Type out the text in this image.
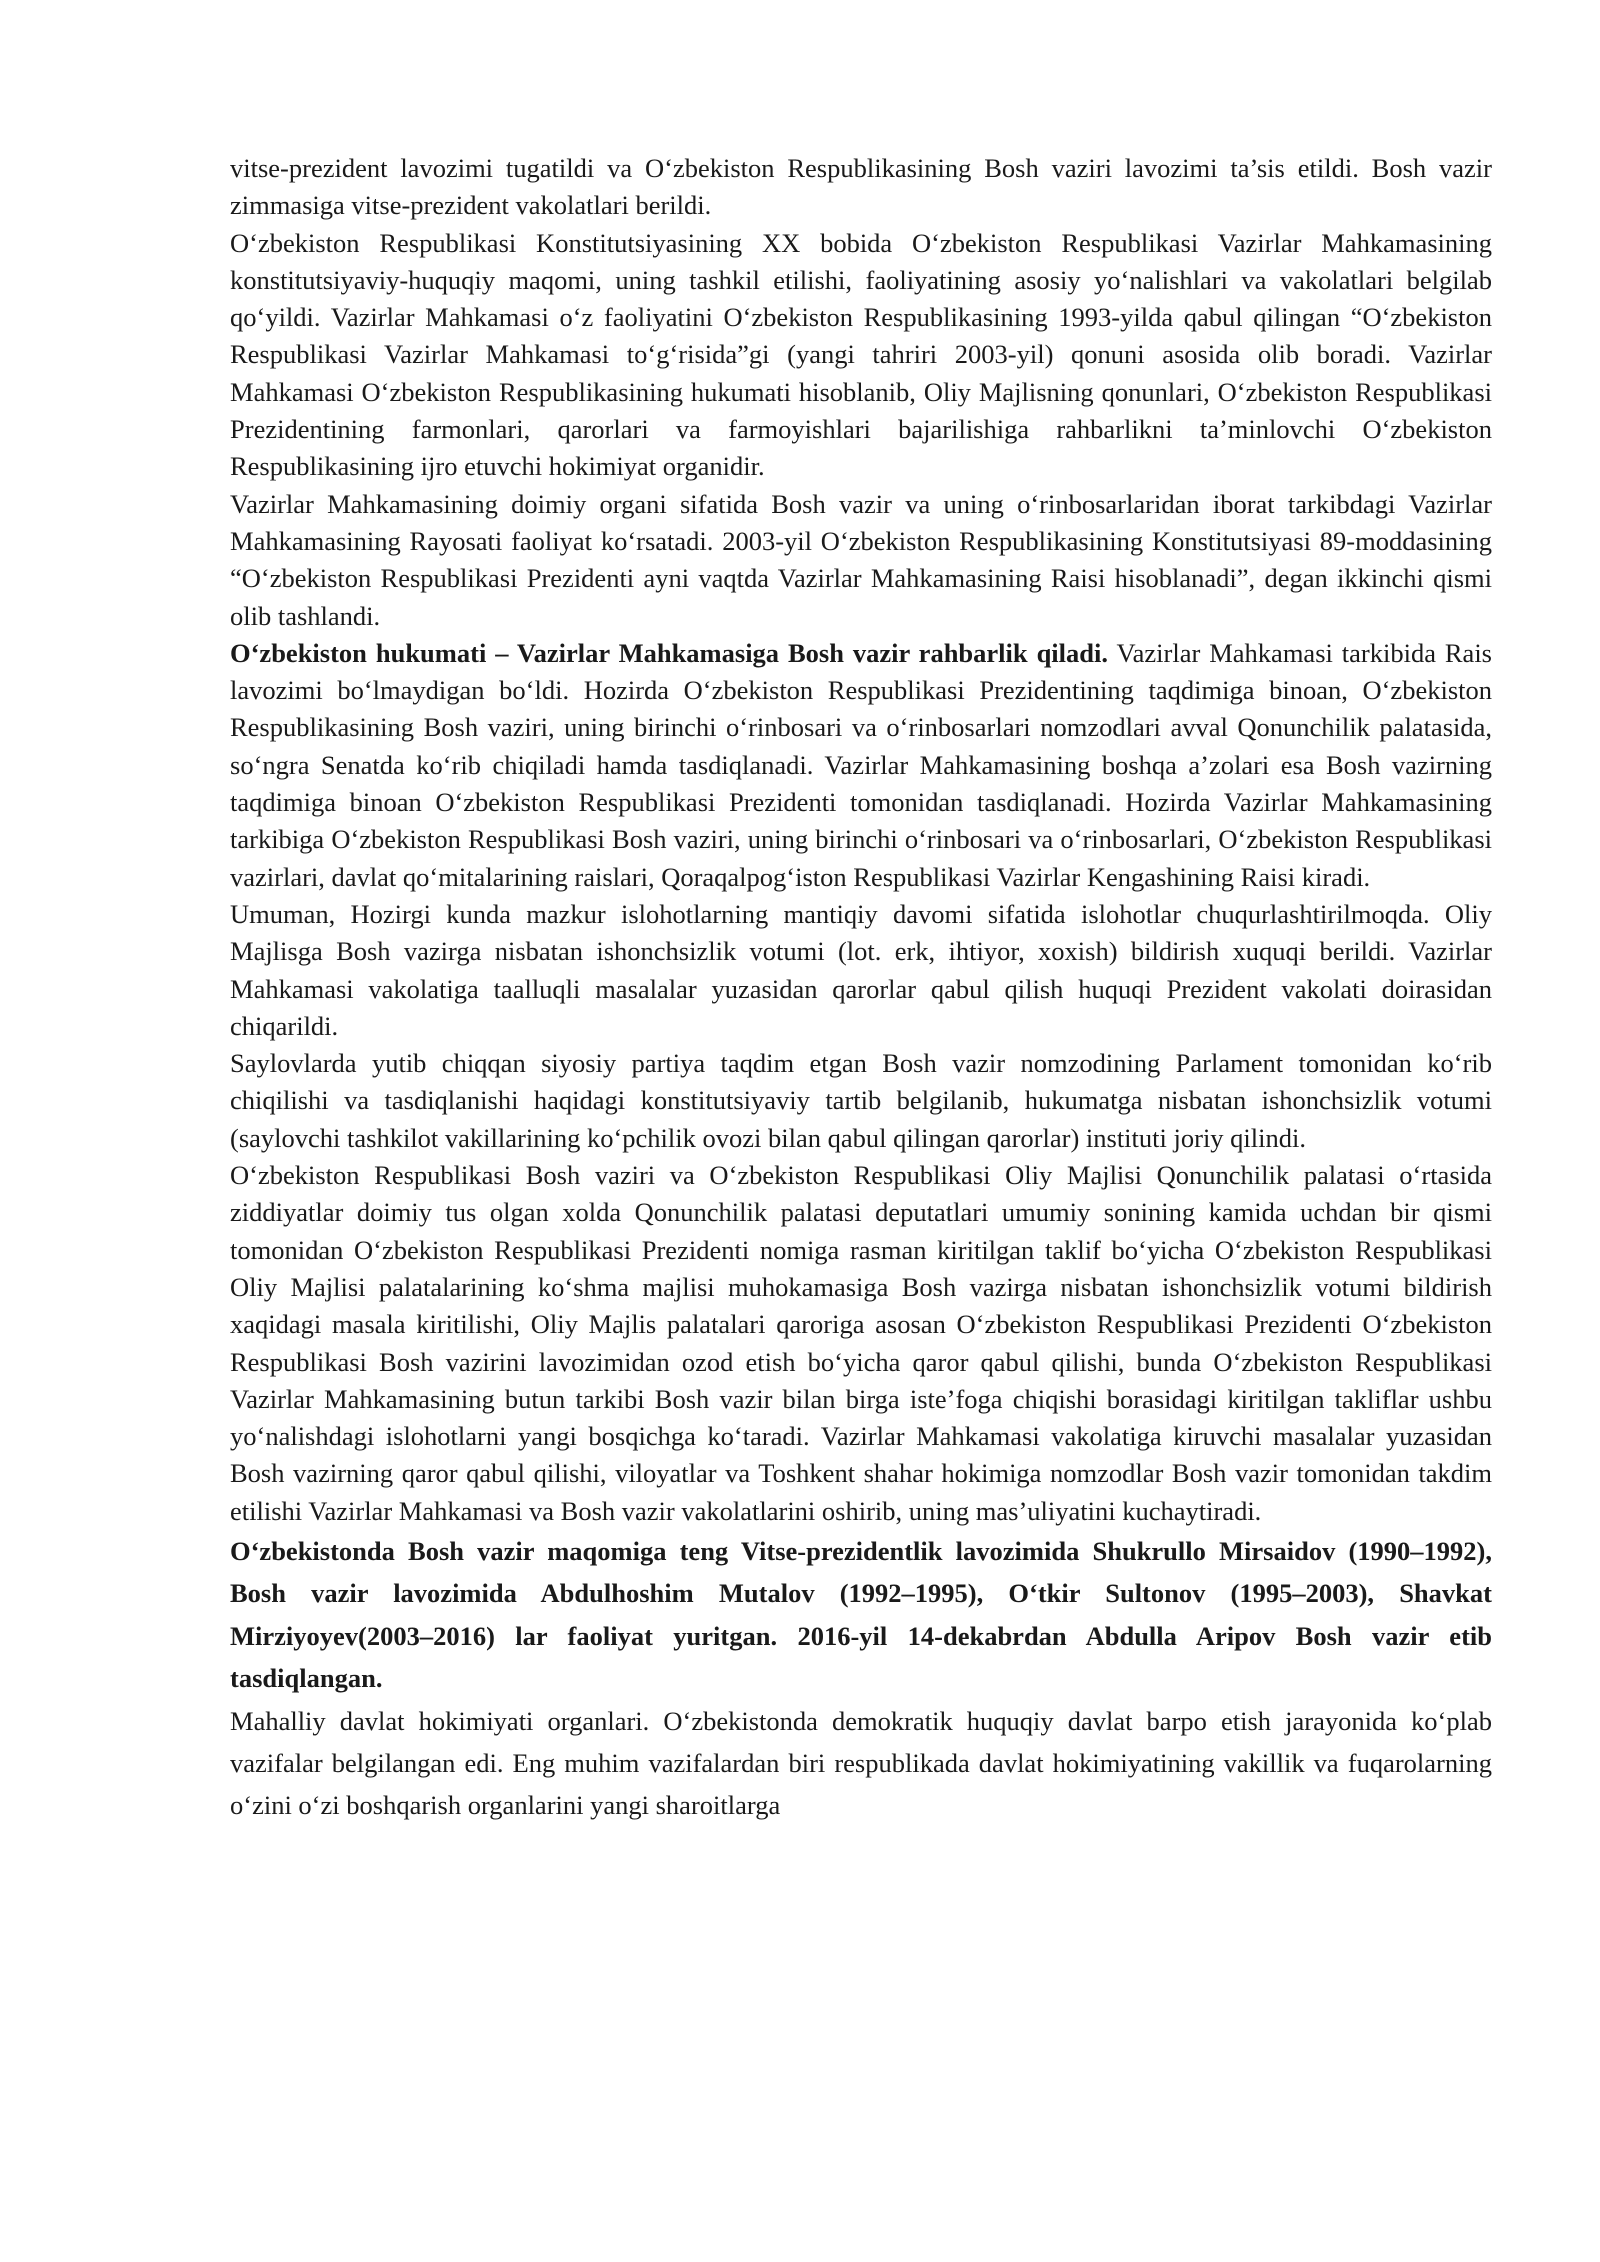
vitse-prezident lavozimi tugatildi va O‘zbekiston Respublikasining Bosh vaziri lavozimi ta’sis etildi. Bosh vazir zimmasiga vitse-prezident vakolatlari berildi.

O‘zbekiston Respublikasi Konstitutsiyasining XX bobida O‘zbekiston Respublikasi Vazirlar Mahkamasining konstitutsiyaviy-huquqiy maqomi, uning tashkil etilishi, faoliyatining asosiy yo‘nalishlari va vakolatlari belgilab qo‘yildi. Vazirlar Mahkamasi o‘z faoliyatini O‘zbekiston Respublikasining 1993-yilda qabul qilingan “O‘zbekiston Respublikasi Vazirlar Mahkamasi to‘g‘risida”gi (yangi tahriri 2003-yil) qonuni asosida olib boradi. Vazirlar Mahkamasi O‘zbekiston Respublikasining hukumati hisoblanib, Oliy Majlisning qonunlari, O‘zbekiston Respublikasi Prezidentining farmonlari, qarorlari va farmoyishlari bajarilishiga rahbarlikni ta’minlovchi O‘zbekiston Respublikasining ijro etuvchi hokimiyat organidir.

Vazirlar Mahkamasining doimiy organi sifatida Bosh vazir va uning o‘rinbosarlaridan iborat tarkibdagi Vazirlar Mahkamasining Rayosati faoliyat ko‘rsatadi. 2003-yil O‘zbekiston Respublikasining Konstitutsiyasi 89-moddasining “O‘zbekiston Respublikasi Prezidenti ayni vaqtda Vazirlar Mahkamasining Raisi hisoblanadi”, degan ikkinchi qismi olib tashlandi.

O‘zbekiston hukumati – Vazirlar Mahkamasiga Bosh vazir rahbarlik qiladi. Vazirlar Mahkamasi tarkibida Rais lavozimi bo‘lmaydigan bo‘ldi. Hozirda O‘zbekiston Respublikasi Prezidentining taqdimiga binoan, O‘zbekiston Respublikasining Bosh vaziri, uning birinchi o‘rinbosari va o‘rinbosarlari nomzodlari avval Qonunchilik palatasida, so‘ngra Senatda ko‘rib chiqiladi hamda tasdiqlanadi. Vazirlar Mahkamasining boshqa a’zolari esa Bosh vazirning taqdimiga binoan O‘zbekiston Respublikasi Prezidenti tomonidan tasdiqlanadi. Hozirda Vazirlar Mahkamasining tarkibiga O‘zbekiston Respublikasi Bosh vaziri, uning birinchi o‘rinbosari va o‘rinbosarlari, O‘zbekiston Respublikasi vazirlari, davlat qo‘mitalarining raislari, Qoraqalpog‘iston Respublikasi Vazirlar Kengashining Raisi kiradi.

Umuman, Hozirgi kunda mazkur islohotlarning mantiqiy davomi sifatida islohotlar chuqurlashtirilmoqda. Oliy Majlisga Bosh vazirga nisbatan ishonchsizlik votumi (lot. erk, ihtiyor, xoxish) bildirish xuquqi berildi. Vazirlar Mahkamasi vakolatiga taalluqli masalalar yuzasidan qarorlar qabul qilish huquqi Prezident vakolati doirasidan chiqarildi.

Saylovlarda yutib chiqqan siyosiy partiya taqdim etgan Bosh vazir nomzodining Parlament tomonidan ko‘rib chiqilishi va tasdiqlanishi haqidagi konstitutsiyaviy tartib belgilanib, hukumatga nisbatan ishonchsizlik votumi (saylovchi tashkilot vakillarining ko‘pchilik ovozi bilan qabul qilingan qarorlar) instituti joriy qilindi.

O‘zbekiston Respublikasi Bosh vaziri va O‘zbekiston Respublikasi Oliy Majlisi Qonunchilik palatasi o‘rtasida ziddiyatlar doimiy tus olgan xolda Qonunchilik palatasi deputatlari umumiy sonining kamida uchdan bir qismi tomonidan O‘zbekiston Respublikasi Prezidenti nomiga rasman kiritilgan taklif bo‘yicha O‘zbekiston Respublikasi Oliy Majlisi palatalarining ko‘shma majlisi muhokamasiga Bosh vazirga nisbatan ishonchsizlik votumi bildirish xaqidagi masala kiritilishi, Oliy Majlis palatalari qaroriga asosan O‘zbekiston Respublikasi Prezidenti O‘zbekiston Respublikasi Bosh vazirini lavozimidan ozod etish bo‘yicha qaror qabul qilishi, bunda O‘zbekiston Respublikasi Vazirlar Mahkamasining butun tarkibi Bosh vazir bilan birga iste’foga chiqishi borasidagi kiritilgan takliflar ushbu yo‘nalishdagi islohotlarni yangi bosqichga ko‘taradi. Vazirlar Mahkamasi vakolatiga kiruvchi masalalar yuzasidan Bosh vazirning qaror qabul qilishi, viloyatlar va Toshkent shahar hokimiga nomzodlar Bosh vazir tomonidan takdim etilishi Vazirlar Mahkamasi va Bosh vazir vakolatlarini oshirib, uning mas’uliyatini kuchaytiradi.

O‘zbekistonda Bosh vazir maqomiga teng Vitse-prezidentlik lavozimida Shukrullo Mirsaidov (1990–1992), Bosh vazir lavozimida Abdulhoshim Mutalov (1992–1995), O‘tkir Sultonov (1995–2003), Shavkat Mirziyoyev(2003–2016) lar faoliyat yuritgan. 2016-yil 14-dekabrdan Abdulla Aripov Bosh vazir etib tasdiqlangan.

Mahalliy davlat hokimiyati organlari. O‘zbekistonda demokratik huquqiy davlat barpo etish jarayonida ko‘plab vazifalar belgilangan edi. Eng muhim vazifalardan biri respublikada davlat hokimiyatining vakillik va fuqarolarning o‘zini o‘zi boshqarish organlarini yangi sharoitlarga
